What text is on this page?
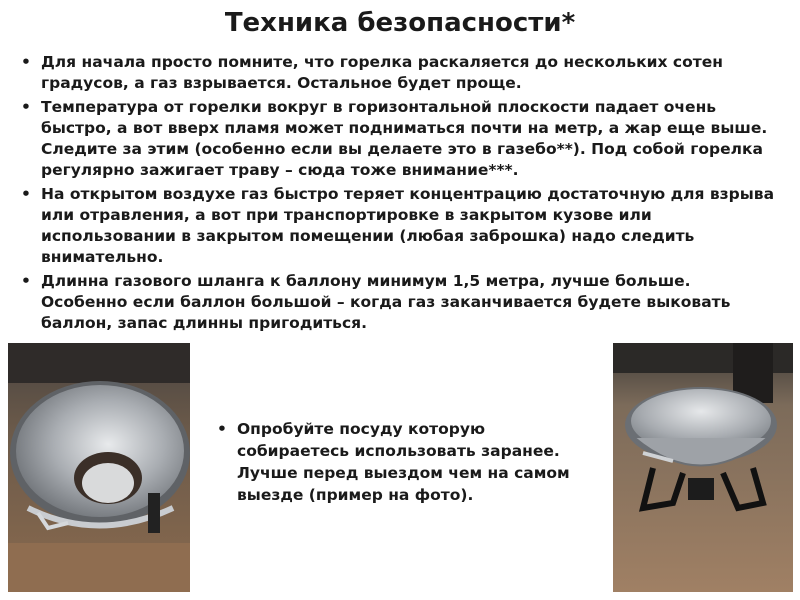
Техника безопасности*
• Для начала просто помните, что горелка раскаляется до нескольких сотен градусов, а газ взрывается. Остальное будет проще.
• Температура от горелки вокруг в горизонтальной плоскости падает очень быстро, а вот вверх пламя может подниматься почти на метр, а жар еще выше. Следите за этим (особенно если вы делаете это в газебо**). Под собой горелка регулярно зажигает траву – сюда тоже внимание***.
• На открытом воздухе газ быстро теряет концентрацию достаточную для взрыва или отравления, а вот при транспортировке в закрытом кузове или использовании в закрытом помещении (любая заброшка) надо следить внимательно.
• Длинна газового шланга к баллону минимум 1,5 метра, лучше больше. Особенно если баллон большой – когда газ заканчивается будете выковать баллон, запас длинны пригодиться.
• Опробуйте посуду которую собираетесь использовать заранее. Лучше перед выездом чем на самом выезде (пример на фото).
